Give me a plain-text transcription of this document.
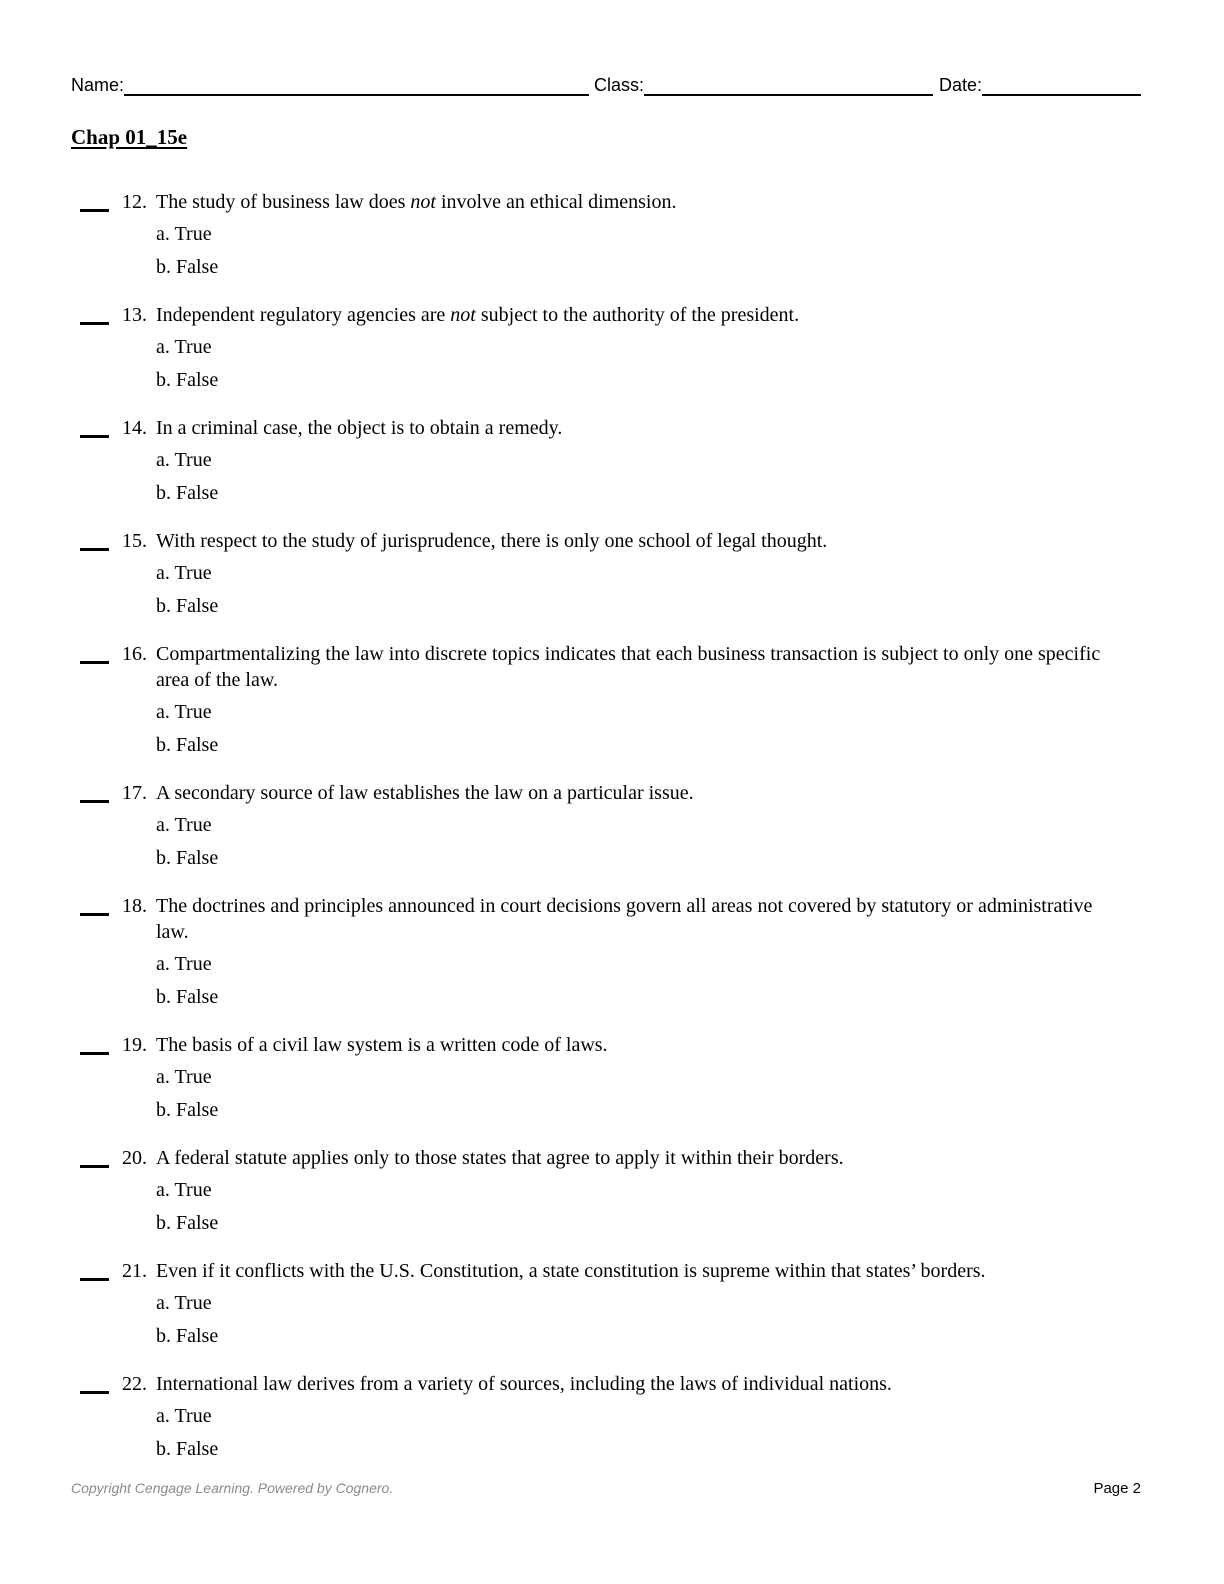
Name:	Class:	Date:
Chap 01_15e
12. The study of business law does not involve an ethical dimension.
a. True
b. False
13. Independent regulatory agencies are not subject to the authority of the president.
a. True
b. False
14. In a criminal case, the object is to obtain a remedy.
a. True
b. False
15. With respect to the study of jurisprudence, there is only one school of legal thought.
a. True
b. False
16. Compartmentalizing the law into discrete topics indicates that each business transaction is subject to only one specific area of the law.
a. True
b. False
17. A secondary source of law establishes the law on a particular issue.
a. True
b. False
18. The doctrines and principles announced in court decisions govern all areas not covered by statutory or administrative law.
a. True
b. False
19. The basis of a civil law system is a written code of laws.
a. True
b. False
20. A federal statute applies only to those states that agree to apply it within their borders.
a. True
b. False
21. Even if it conflicts with the U.S. Constitution, a state constitution is supreme within that states’ borders.
a. True
b. False
22. International law derives from a variety of sources, including the laws of individual nations.
a. True
b. False
Copyright Cengage Learning. Powered by Cognero.	Page 2
